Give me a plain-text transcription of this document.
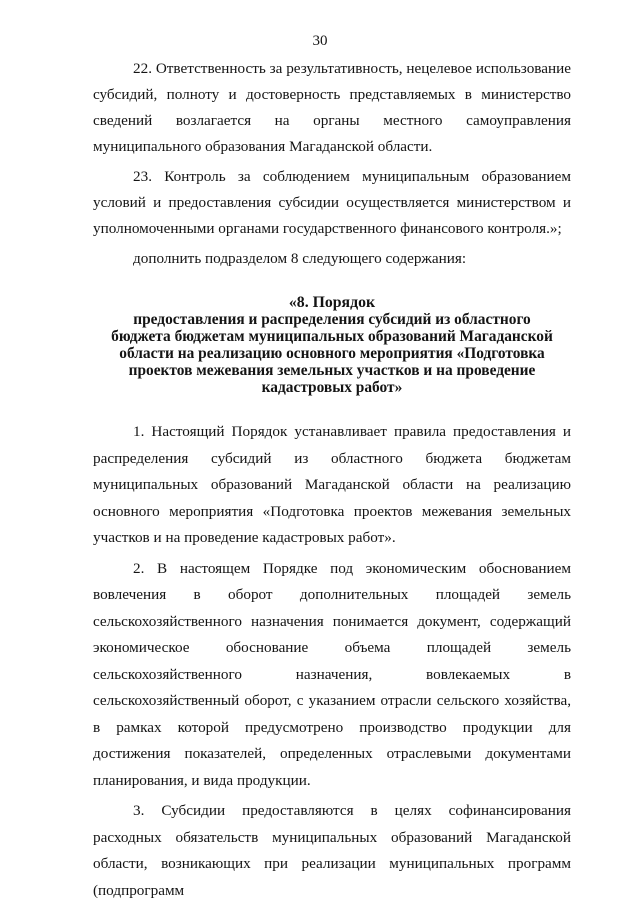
30

22. Ответственность за результативность, нецелевое использование субсидий, полноту и достоверность представляемых в министерство сведений возлагается на органы местного самоуправления муниципального образования Магаданской области.

23. Контроль за соблюдением муниципальным образованием условий и предоставления субсидии осуществляется министерством и уполномоченными органами государственного финансового контроля.»;

дополнить подразделом 8 следующего содержания:

«8. Порядок
предоставления и распределения субсидий из областного
бюджета бюджетам муниципальных образований Магаданской
области на реализацию основного мероприятия «Подготовка
проектов межевания земельных участков и на проведение
кадастровых работ»

1. Настоящий Порядок устанавливает правила предоставления и распределения субсидий из областного бюджета бюджетам муниципальных образований Магаданской области на реализацию основного мероприятия «Подготовка проектов межевания земельных участков и на проведение кадастровых работ».

2. В настоящем Порядке под экономическим обоснованием вовлечения в оборот дополнительных площадей земель сельскохозяйственного назначения понимается документ, содержащий экономическое обоснование объема площадей земель сельскохозяйственного назначения, вовлекаемых в сельскохозяйственный оборот, с указанием отрасли сельского хозяйства, в рамках которой предусмотрено производство продукции для достижения показателей, определенных отраслевыми документами планирования, и вида продукции.

3. Субсидии предоставляются в целях софинансирования расходных обязательств муниципальных образований Магаданской области, возникающих при реализации муниципальных программ (подпрограмм
